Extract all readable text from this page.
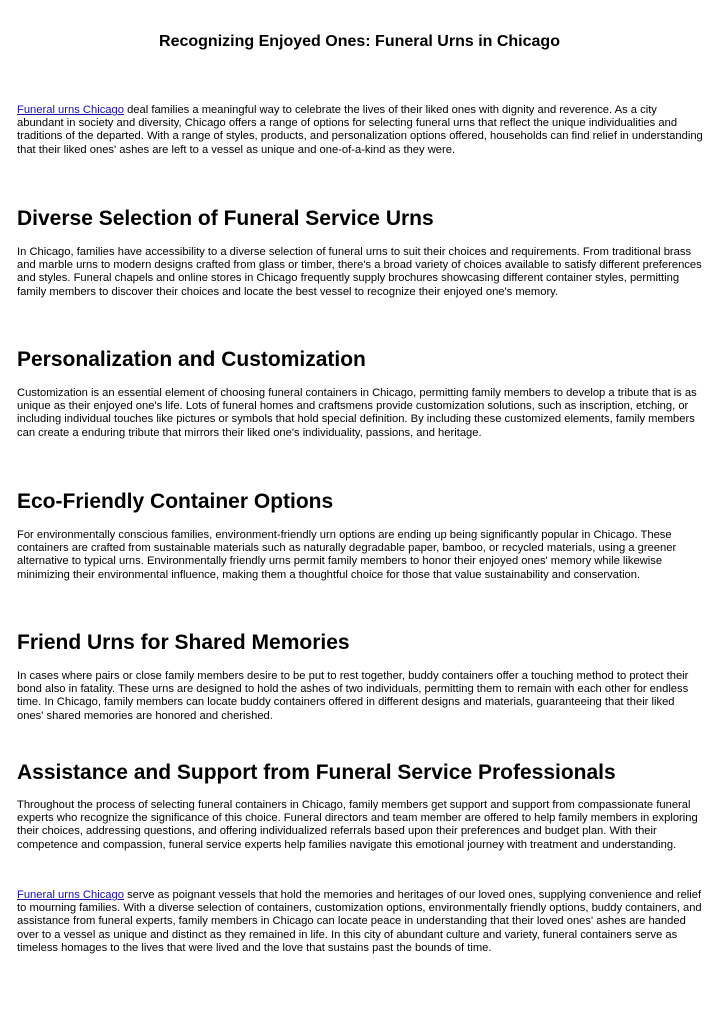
Recognizing Enjoyed Ones: Funeral Urns in Chicago

Funeral urns Chicago deal families a meaningful way to celebrate the lives of their liked ones with dignity and reverence. As a city abundant in society and diversity, Chicago offers a range of options for selecting funeral urns that reflect the unique individualities and traditions of the departed. With a range of styles, products, and personalization options offered, households can find relief in understanding that their liked ones' ashes are left to a vessel as unique and one-of-a-kind as they were.

Diverse Selection of Funeral Service Urns

In Chicago, families have accessibility to a diverse selection of funeral urns to suit their choices and requirements. From traditional brass and marble urns to modern designs crafted from glass or timber, there's a broad variety of choices available to satisfy different preferences and styles. Funeral chapels and online stores in Chicago frequently supply brochures showcasing different container styles, permitting family members to discover their choices and locate the best vessel to recognize their enjoyed one's memory.

Personalization and Customization

Customization is an essential element of choosing funeral containers in Chicago, permitting family members to develop a tribute that is as unique as their enjoyed one's life. Lots of funeral homes and craftsmens provide customization solutions, such as inscription, etching, or including individual touches like pictures or symbols that hold special definition. By including these customized elements, family members can create a enduring tribute that mirrors their liked one's individuality, passions, and heritage.

Eco-Friendly Container Options

For environmentally conscious families, environment-friendly urn options are ending up being significantly popular in Chicago. These containers are crafted from sustainable materials such as naturally degradable paper, bamboo, or recycled materials, using a greener alternative to typical urns. Environmentally friendly urns permit family members to honor their enjoyed ones' memory while likewise minimizing their environmental influence, making them a thoughtful choice for those that value sustainability and conservation.

Friend Urns for Shared Memories

In cases where pairs or close family members desire to be put to rest together, buddy containers offer a touching method to protect their bond also in fatality. These urns are designed to hold the ashes of two individuals, permitting them to remain with each other for endless time. In Chicago, family members can locate buddy containers offered in different designs and materials, guaranteeing that their liked ones' shared memories are honored and cherished.

Assistance and Support from Funeral Service Professionals

Throughout the process of selecting funeral containers in Chicago, family members get support and support from compassionate funeral experts who recognize the significance of this choice. Funeral directors and team member are offered to help family members in exploring their choices, addressing questions, and offering individualized referrals based upon their preferences and budget plan. With their competence and compassion, funeral service experts help families navigate this emotional journey with treatment and understanding.

Funeral urns Chicago serve as poignant vessels that hold the memories and heritages of our loved ones, supplying convenience and relief to mourning families. With a diverse selection of containers, customization options, environmentally friendly options, buddy containers, and assistance from funeral experts, family members in Chicago can locate peace in understanding that their loved ones' ashes are handed over to a vessel as unique and distinct as they remained in life. In this city of abundant culture and variety, funeral containers serve as timeless homages to the lives that were lived and the love that sustains past the bounds of time.
